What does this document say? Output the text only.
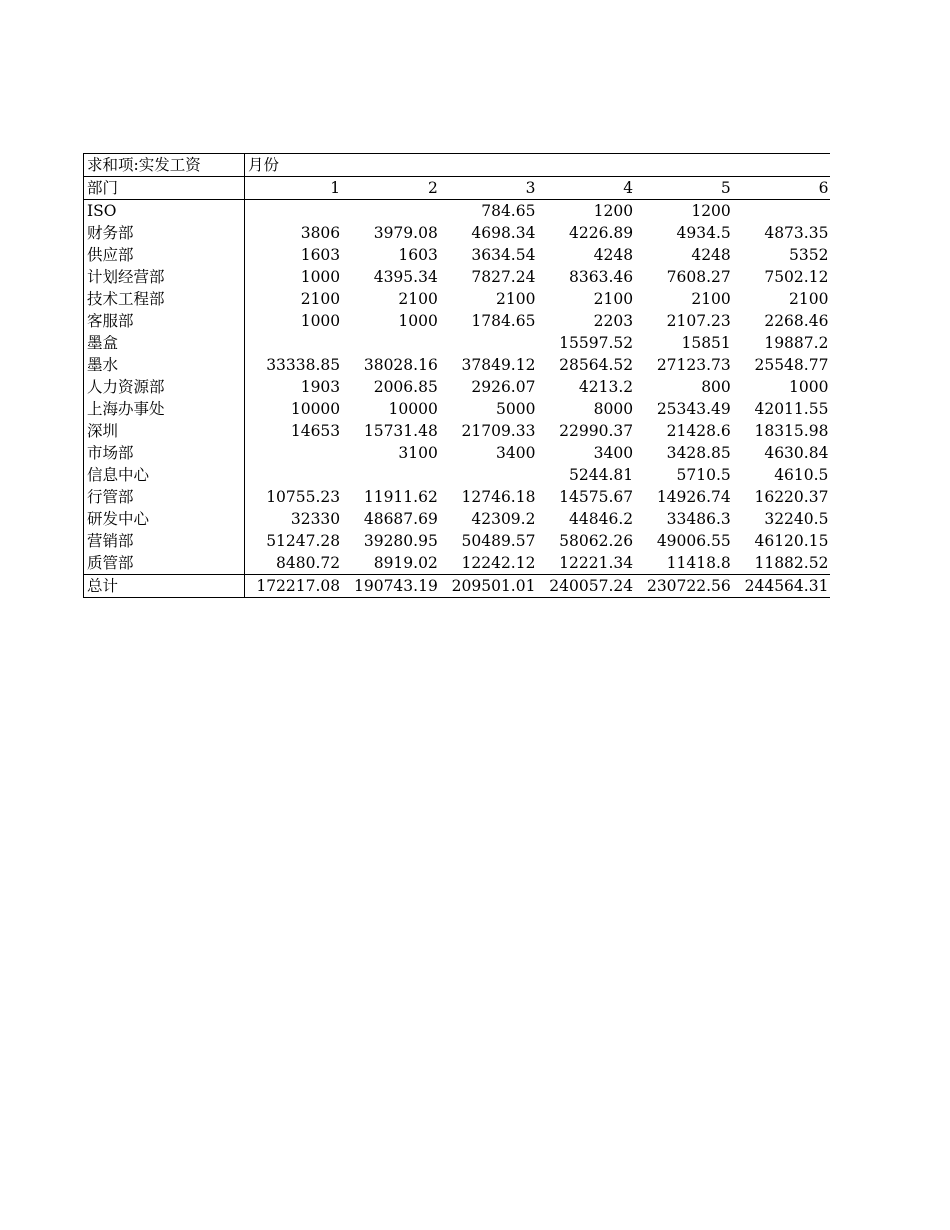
求和项:实发工资	月份					
部门	1	2	3	4	5	6
ISO			784.65	1200	1200	
财务部	3806	3979.08	4698.34	4226.89	4934.5	4873.35
供应部	1603	1603	3634.54	4248	4248	5352
计划经营部	1000	4395.34	7827.24	8363.46	7608.27	7502.12
技术工程部	2100	2100	2100	2100	2100	2100
客服部	1000	1000	1784.65	2203	2107.23	2268.46
墨盒				15597.52	15851	19887.2
墨水	33338.85	38028.16	37849.12	28564.52	27123.73	25548.77
人力资源部	1903	2006.85	2926.07	4213.2	800	1000
上海办事处	10000	10000	5000	8000	25343.49	42011.55
深圳	14653	15731.48	21709.33	22990.37	21428.6	18315.98
市场部		3100	3400	3400	3428.85	4630.84
信息中心				5244.81	5710.5	4610.5
行管部	10755.23	11911.62	12746.18	14575.67	14926.74	16220.37
研发中心	32330	48687.69	42309.2	44846.2	33486.3	32240.5
营销部	51247.28	39280.95	50489.57	58062.26	49006.55	46120.15
质管部	8480.72	8919.02	12242.12	12221.34	11418.8	11882.52
总计	172217.08	190743.19	209501.01	240057.24	230722.56	244564.31
